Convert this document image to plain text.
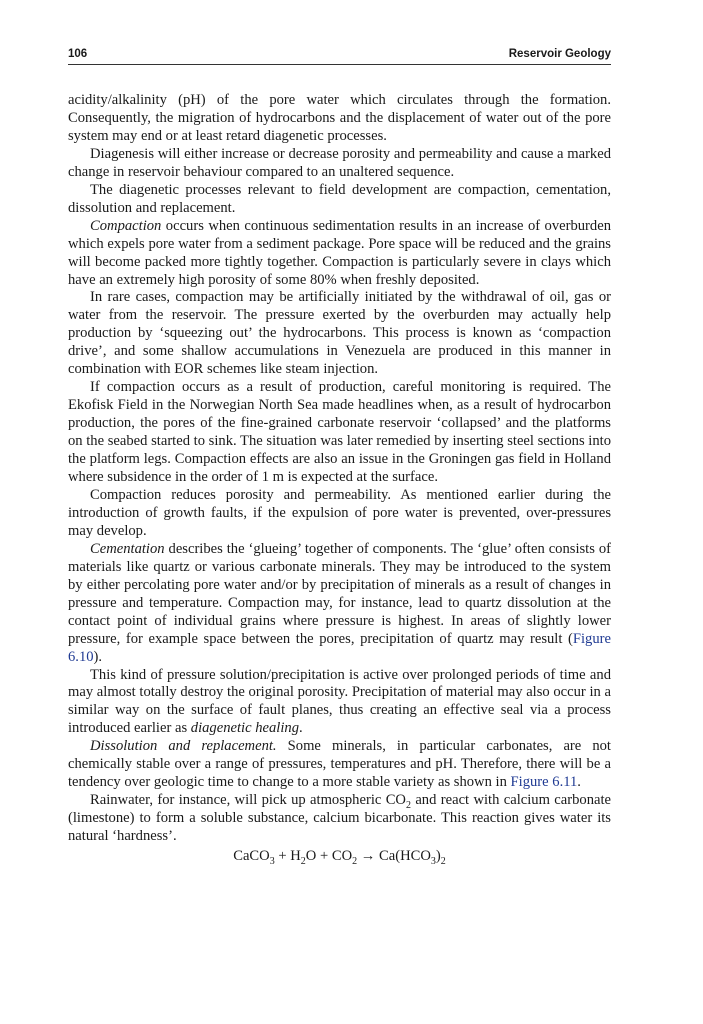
106	Reservoir Geology

acidity/alkalinity (pH) of the pore water which circulates through the formation. Consequently, the migration of hydrocarbons and the displacement of water out of the pore system may end or at least retard diagenetic processes.

Diagenesis will either increase or decrease porosity and permeability and cause a marked change in reservoir behaviour compared to an unaltered sequence.

The diagenetic processes relevant to field development are compaction, cementation, dissolution and replacement.

Compaction occurs when continuous sedimentation results in an increase of overburden which expels pore water from a sediment package. Pore space will be reduced and the grains will become packed more tightly together. Compaction is particularly severe in clays which have an extremely high porosity of some 80% when freshly deposited.

In rare cases, compaction may be artificially initiated by the withdrawal of oil, gas or water from the reservoir. The pressure exerted by the overburden may actually help production by ‘squeezing out’ the hydrocarbons. This process is known as ‘compaction drive’, and some shallow accumulations in Venezuela are produced in this manner in combination with EOR schemes like steam injection.

If compaction occurs as a result of production, careful monitoring is required. The Ekofisk Field in the Norwegian North Sea made headlines when, as a result of hydrocarbon production, the pores of the fine-grained carbonate reservoir ‘collapsed’ and the platforms on the seabed started to sink. The situation was later remedied by inserting steel sections into the platform legs. Compaction effects are also an issue in the Groningen gas field in Holland where subsidence in the order of 1 m is expected at the surface.

Compaction reduces porosity and permeability. As mentioned earlier during the introduction of growth faults, if the expulsion of pore water is prevented, over-pressures may develop.

Cementation describes the ‘glueing’ together of components. The ‘glue’ often consists of materials like quartz or various carbonate minerals. They may be introduced to the system by either percolating pore water and/or by precipitation of minerals as a result of changes in pressure and temperature. Compaction may, for instance, lead to quartz dissolution at the contact point of individual grains where pressure is highest. In areas of slightly lower pressure, for example space between the pores, precipitation of quartz may result (Figure 6.10).

This kind of pressure solution/precipitation is active over prolonged periods of time and may almost totally destroy the original porosity. Precipitation of material may also occur in a similar way on the surface of fault planes, thus creating an effective seal via a process introduced earlier as diagenetic healing.

Dissolution and replacement. Some minerals, in particular carbonates, are not chemically stable over a range of pressures, temperatures and pH. Therefore, there will be a tendency over geologic time to change to a more stable variety as shown in Figure 6.11.

Rainwater, for instance, will pick up atmospheric $CO_2$ and react with calcium carbonate (limestone) to form a soluble substance, calcium bicarbonate. This reaction gives water its natural ‘hardness’.

CaCO$_3$ + $H_2O + CO_2 \to Ca(HCO_3)_2$
